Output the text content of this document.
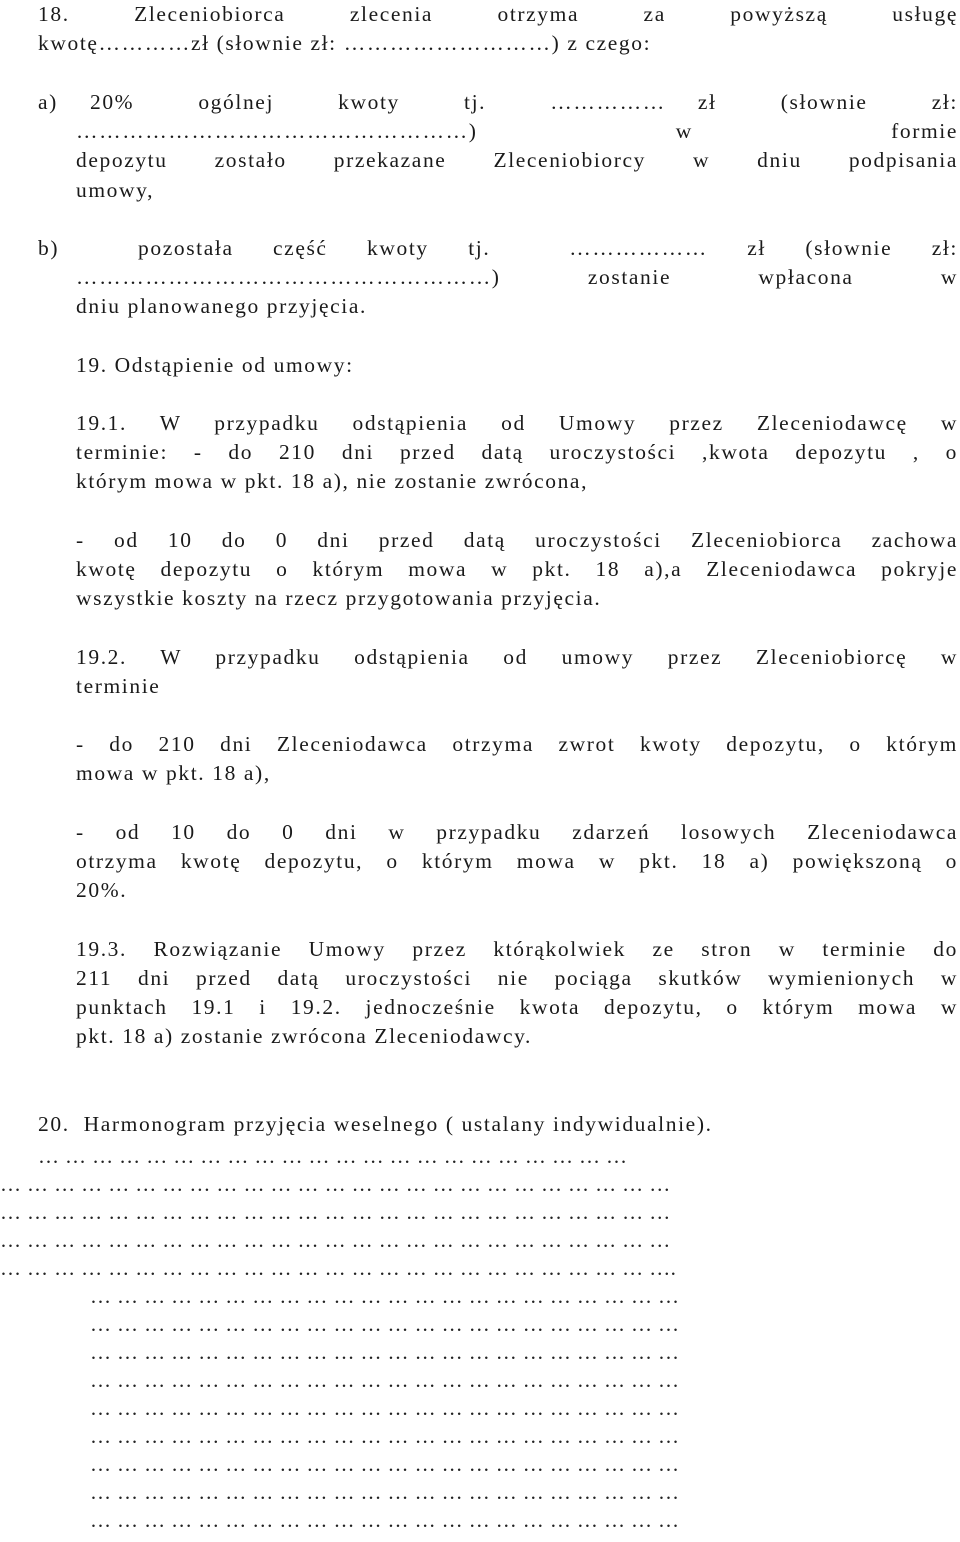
18.  Zleceniobiorca  zlecenia  otrzyma  za  powyższą  usługę
kwotę…………zł (słownie zł: ………………………) z czego:
a) 20%  ogólnej  kwoty  tj.  …………… zł  (słownie  zł:
……………………………………………) w formie
depozytu zostało przekazane Zleceniobiorcy w dniu podpisania
umowy,
b)  pozostała część kwoty tj.  ……………… zł (słownie zł:
………………………………………………) zostanie wpłacona w
dniu planowanego przyjęcia.
19. Odstąpienie od umowy:
19.1. W przypadku odstąpienia od Umowy przez Zleceniodawcę w
terminie: - do 210 dni przed datą uroczystości ,kwota depozytu , o
którym mowa w pkt. 18 a), nie zostanie zwrócona,
- od 10 do 0 dni przed datą uroczystości Zleceniobiorca zachowa
kwotę depozytu o którym mowa w pkt. 18 a),a Zleceniodawca pokryje
wszystkie koszty na rzecz przygotowania przyjęcia.
19.2. W przypadku odstąpienia od umowy przez Zleceniobiorcę w
terminie
- do 210 dni Zleceniodawca otrzyma zwrot kwoty depozytu, o którym
mowa w pkt. 18 a),
- od 10 do 0 dni w przypadku zdarzeń losowych Zleceniodawca
otrzyma kwotę depozytu, o którym mowa w pkt. 18 a) powiększoną o
20%.
19.3. Rozwiązanie Umowy przez którąkolwiek ze stron w terminie do
211 dni przed datą uroczystości nie pociąga skutków wymienionych w
punktach 19.1 i 19.2. jednocześnie kwota depozytu, o którym mowa w
pkt. 18 a) zostanie zwrócona Zleceniodawcy.
20.  Harmonogram przyjęcia weselnego ( ustalany indywidualnie).
… … … … … … … … … … … … … … … … … … … … … …
… … … … … … … … … … … … … … … … … … … … … … … … …
… … … … … … … … … … … … … … … … … … … … … … … … …
… … … … … … … … … … … … … … … … … … … … … … … … …
… … … … … … … … … … … … … … … … … … … … … … … … ….
… … … … … … … … … … … … … … … … … … … … … …
… … … … … … … … … … … … … … … … … … … … … …
… … … … … … … … … … … … … … … … … … … … … …
… … … … … … … … … … … … … … … … … … … … … …
… … … … … … … … … … … … … … … … … … … … … …
… … … … … … … … … … … … … … … … … … … … … …
… … … … … … … … … … … … … … … … … … … … … …
… … … … … … … … … … … … … … … … … … … … … …
… … … … … … … … … … … … … … … … … … … … … …
